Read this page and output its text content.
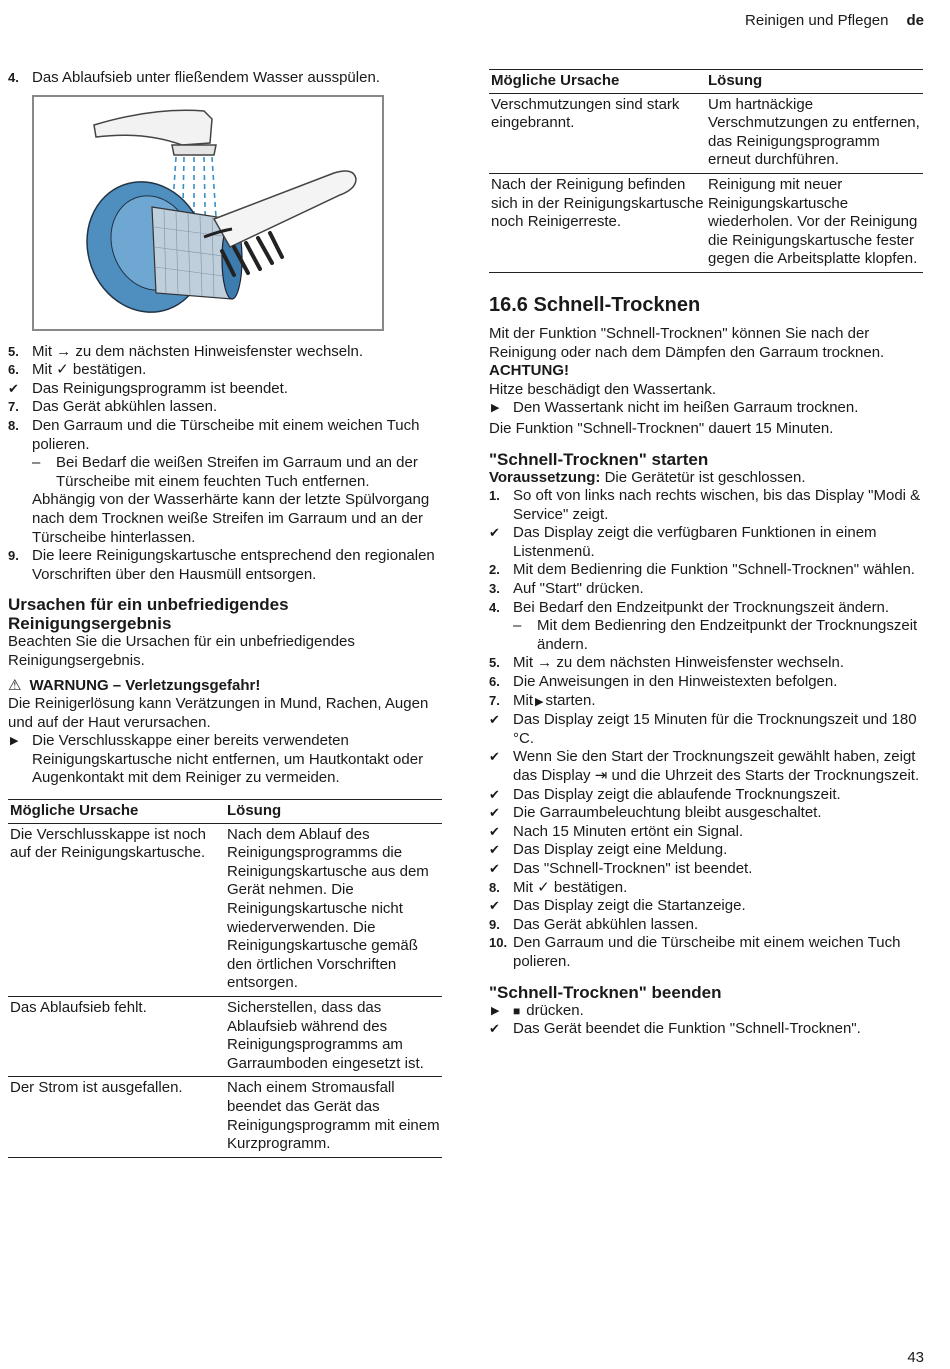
Reinigen und Pflegen de
4. Das Ablaufsieb unter fließendem Wasser ausspülen.
5. Mit → zu dem nächsten Hinweisfenster wechseln.
6. Mit ✓ bestätigen.
✔ Das Reinigungsprogramm ist beendet.
7. Das Gerät abkühlen lassen.
8. Den Garraum und die Türscheibe mit einem weichen Tuch polieren.
– Bei Bedarf die weißen Streifen im Garraum und an der Türscheibe mit einem feuchten Tuch entfernen.
Abhängig von der Wasserhärte kann der letzte Spülvorgang nach dem Trocknen weiße Streifen im Garraum und an der Türscheibe hinterlassen.
9. Die leere Reinigungskartusche entsprechend den regionalen Vorschriften über den Hausmüll entsorgen.
Ursachen für ein unbefriedigendes Reinigungsergebnis
Beachten Sie die Ursachen für ein unbefriedigendes Reinigungsergebnis.
⚠ WARNUNG – Verletzungsgefahr!
Die Reinigerlösung kann Verätzungen in Mund, Rachen, Augen und auf der Haut verursachen.
▶ Die Verschlusskappe einer bereits verwendeten Reinigungskartusche nicht entfernen, um Hautkontakt oder Augenkontakt mit dem Reiniger zu vermeiden.
Mögliche Ursache	Lösung
Die Verschlusskappe ist noch auf der Reinigungskartusche.	Nach dem Ablauf des Reinigungsprogramms die Reinigungskartusche aus dem Gerät nehmen. Die Reinigungskartusche nicht wiederverwenden. Die Reinigungskartusche gemäß den örtlichen Vorschriften entsorgen.
Das Ablaufsieb fehlt.	Sicherstellen, dass das Ablaufsieb während des Reinigungsprogramms am Garraumboden eingesetzt ist.
Der Strom ist ausgefallen.	Nach einem Stromausfall beendet das Gerät das Reinigungsprogramm mit einem Kurzprogramm.
Mögliche Ursache	Lösung
Verschmutzungen sind stark eingebrannt.	Um hartnäckige Verschmutzungen zu entfernen, das Reinigungsprogramm erneut durchführen.
Nach der Reinigung befinden sich in der Reinigungskartusche noch Reinigerreste.	Reinigung mit neuer Reinigungskartusche wiederholen. Vor der Reinigung die Reinigungskartusche fester gegen die Arbeitsplatte klopfen.
16.6 Schnell-Trocknen
Mit der Funktion "Schnell-Trocknen" können Sie nach der Reinigung oder nach dem Dämpfen den Garraum trocknen.
ACHTUNG!
Hitze beschädigt den Wassertank.
▶ Den Wassertank nicht im heißen Garraum trocknen.
Die Funktion "Schnell-Trocknen" dauert 15 Minuten.
"Schnell-Trocknen" starten
Voraussetzung: Die Gerätetür ist geschlossen.
1. So oft von links nach rechts wischen, bis das Display "Modi & Service" zeigt.
✔ Das Display zeigt die verfügbaren Funktionen in einem Listenmenü.
2. Mit dem Bedienring die Funktion "Schnell-Trocknen" wählen.
3. Auf "Start" drücken.
4. Bei Bedarf den Endzeitpunkt der Trocknungszeit ändern.
– Mit dem Bedienring den Endzeitpunkt der Trocknungszeit ändern.
5. Mit → zu dem nächsten Hinweisfenster wechseln.
6. Die Anweisungen in den Hinweistexten befolgen.
7. Mit ▶ starten.
✔ Das Display zeigt 15 Minuten für die Trocknungszeit und 180 °C.
✔ Wenn Sie den Start der Trocknungszeit gewählt haben, zeigt das Display ⇥ und die Uhrzeit des Starts der Trocknungszeit.
✔ Das Display zeigt die ablaufende Trocknungszeit.
✔ Die Garraumbeleuchtung bleibt ausgeschaltet.
✔ Nach 15 Minuten ertönt ein Signal.
✔ Das Display zeigt eine Meldung.
✔ Das "Schnell-Trocknen" ist beendet.
8. Mit ✓ bestätigen.
✔ Das Display zeigt die Startanzeige.
9. Das Gerät abkühlen lassen.
10. Den Garraum und die Türscheibe mit einem weichen Tuch polieren.
"Schnell-Trocknen" beenden
▶ ■ drücken.
✔ Das Gerät beendet die Funktion "Schnell-Trocknen".
43
